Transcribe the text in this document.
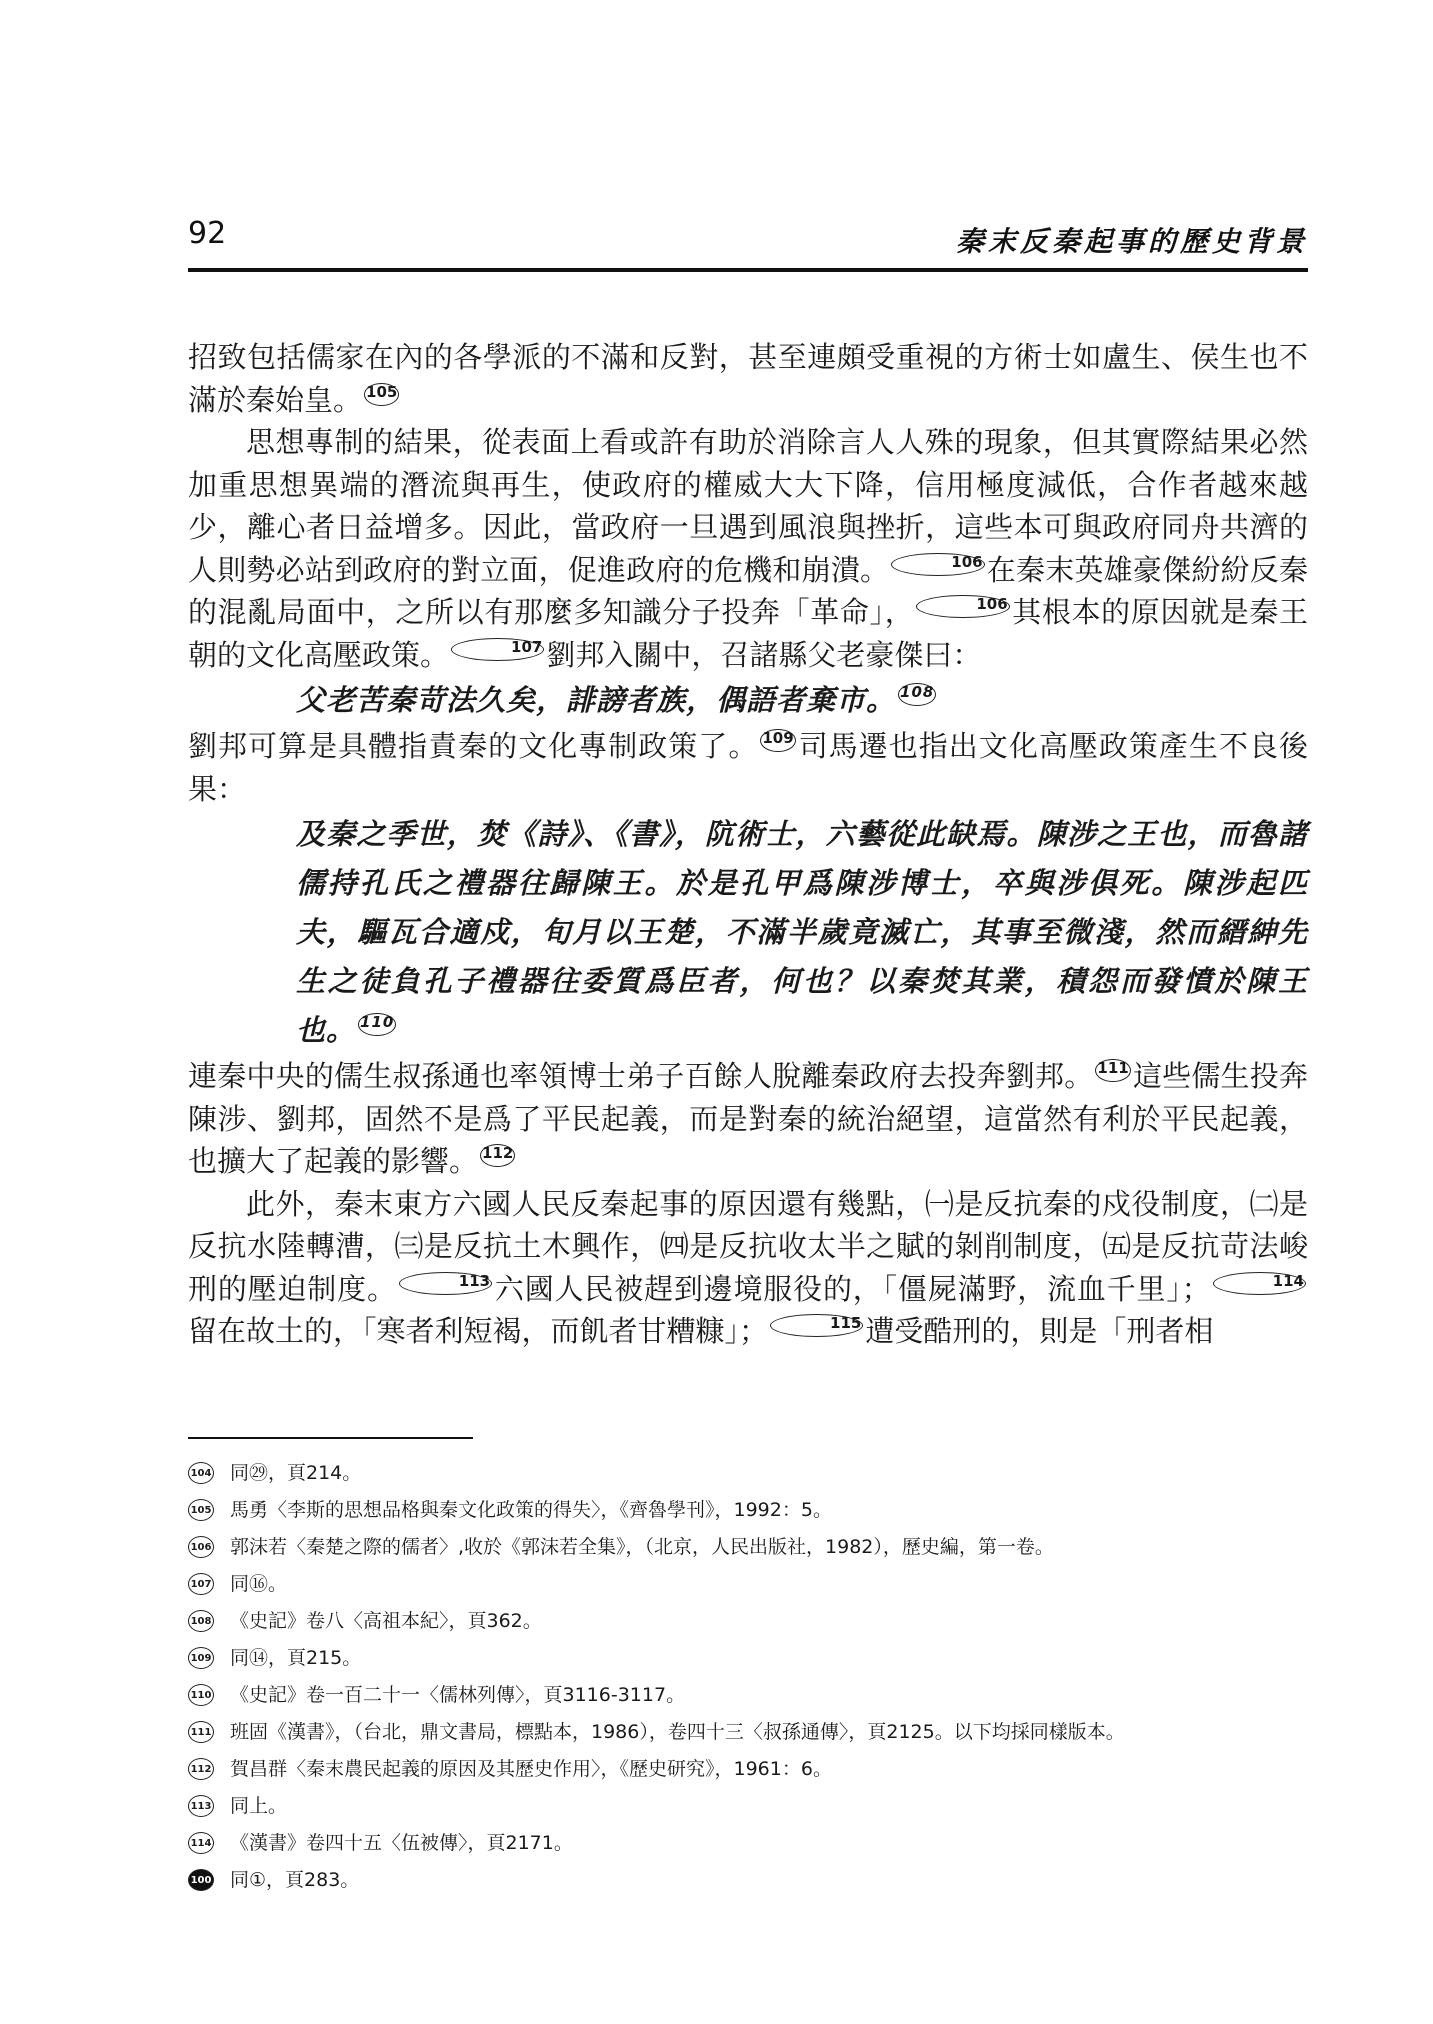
92	秦末反秦起事的歷史背景

招致包括儒家在內的各學派的不滿和反對，甚至連頗受重視的方術士如盧生、侯生也不滿於秦始皇。 105

思想專制的結果，從表面上看或許有助於消除言人人殊的現象，但其實際結果必然加重思想異端的潛流與再生，使政府的權威大大下降，信用極度減低，合作者越來越少，離心者日益增多。因此，當政府一旦遇到風浪與挫折，這些本可與政府同舟共濟的人則勢必站到政府的對立面，促進政府的危機和崩潰。	106 在秦末英雄豪傑紛紛反秦的混亂局面中，之所以有那麼多知識分子投奔「革命」，	106 其根本的原因就是秦王朝的文化高壓政策。	107 劉邦入關中，召諸縣父老豪傑曰：

父老苦秦苛法久矣，誹謗者族，偶語者棄市。 108

劉邦可算是具體指責秦的文化專制政策了。 109 司馬遷也指出文化高壓政策產生不良後果：

及秦之季世，焚《詩》、《書》，阬術士，六藝從此缺焉。陳涉之王也，而魯諸儒持孔氏之禮器往歸陳王。於是孔甲爲陳涉博士，卒與涉俱死。陳涉起匹夫，驅瓦合適戍，旬月以王楚，不滿半歲竟滅亡，其事至微淺，然而縉紳先生之徒負孔子禮器往委質爲臣者，何也？以秦焚其業，積怨而發憤於陳王也。 110

連秦中央的儒生叔孫通也率領博士弟子百餘人脫離秦政府去投奔劉邦。 111 這些儒生投奔陳涉、劉邦，固然不是爲了平民起義，而是對秦的統治絕望，這當然有利於平民起義，也擴大了起義的影響。 112

此外，秦末東方六國人民反秦起事的原因還有幾點，㈠是反抗秦的戍役制度，㈡是反抗水陸轉漕，㈢是反抗土木興作，㈣是反抗收太半之賦的剝削制度，㈤是反抗苛法峻刑的壓迫制度。	113 六國人民被趕到邊境服役的，「僵屍滿野，流血千里」；	114留在故土的，「寒者利短褐，而飢者甘糟糠」；	115 遭受酷刑的，則是「刑者相

104 同㉙，頁214。
105 馬勇〈李斯的思想品格與秦文化政策的得失〉，《齊魯學刊》，1992：5。
106 郭沫若〈秦楚之際的儒者〉,收於《郭沫若全集》，（北京，人民出版社，1982），歷史編，第一卷。
107 同⑯。
108 《史記》卷八〈高祖本紀〉，頁362。
109 同⑭，頁215。
110 《史記》卷一百二十一〈儒林列傳〉，頁3116-3117。
111 班固《漢書》，（台北，鼎文書局，標點本，1986），卷四十三〈叔孫通傳〉，頁2125。以下均採同樣版本。
112 賀昌群〈秦末農民起義的原因及其歷史作用〉，《歷史研究》，1961：6。
113 同上。
114 《漢書》卷四十五〈伍被傳〉，頁2171。
100 同①，頁283。
